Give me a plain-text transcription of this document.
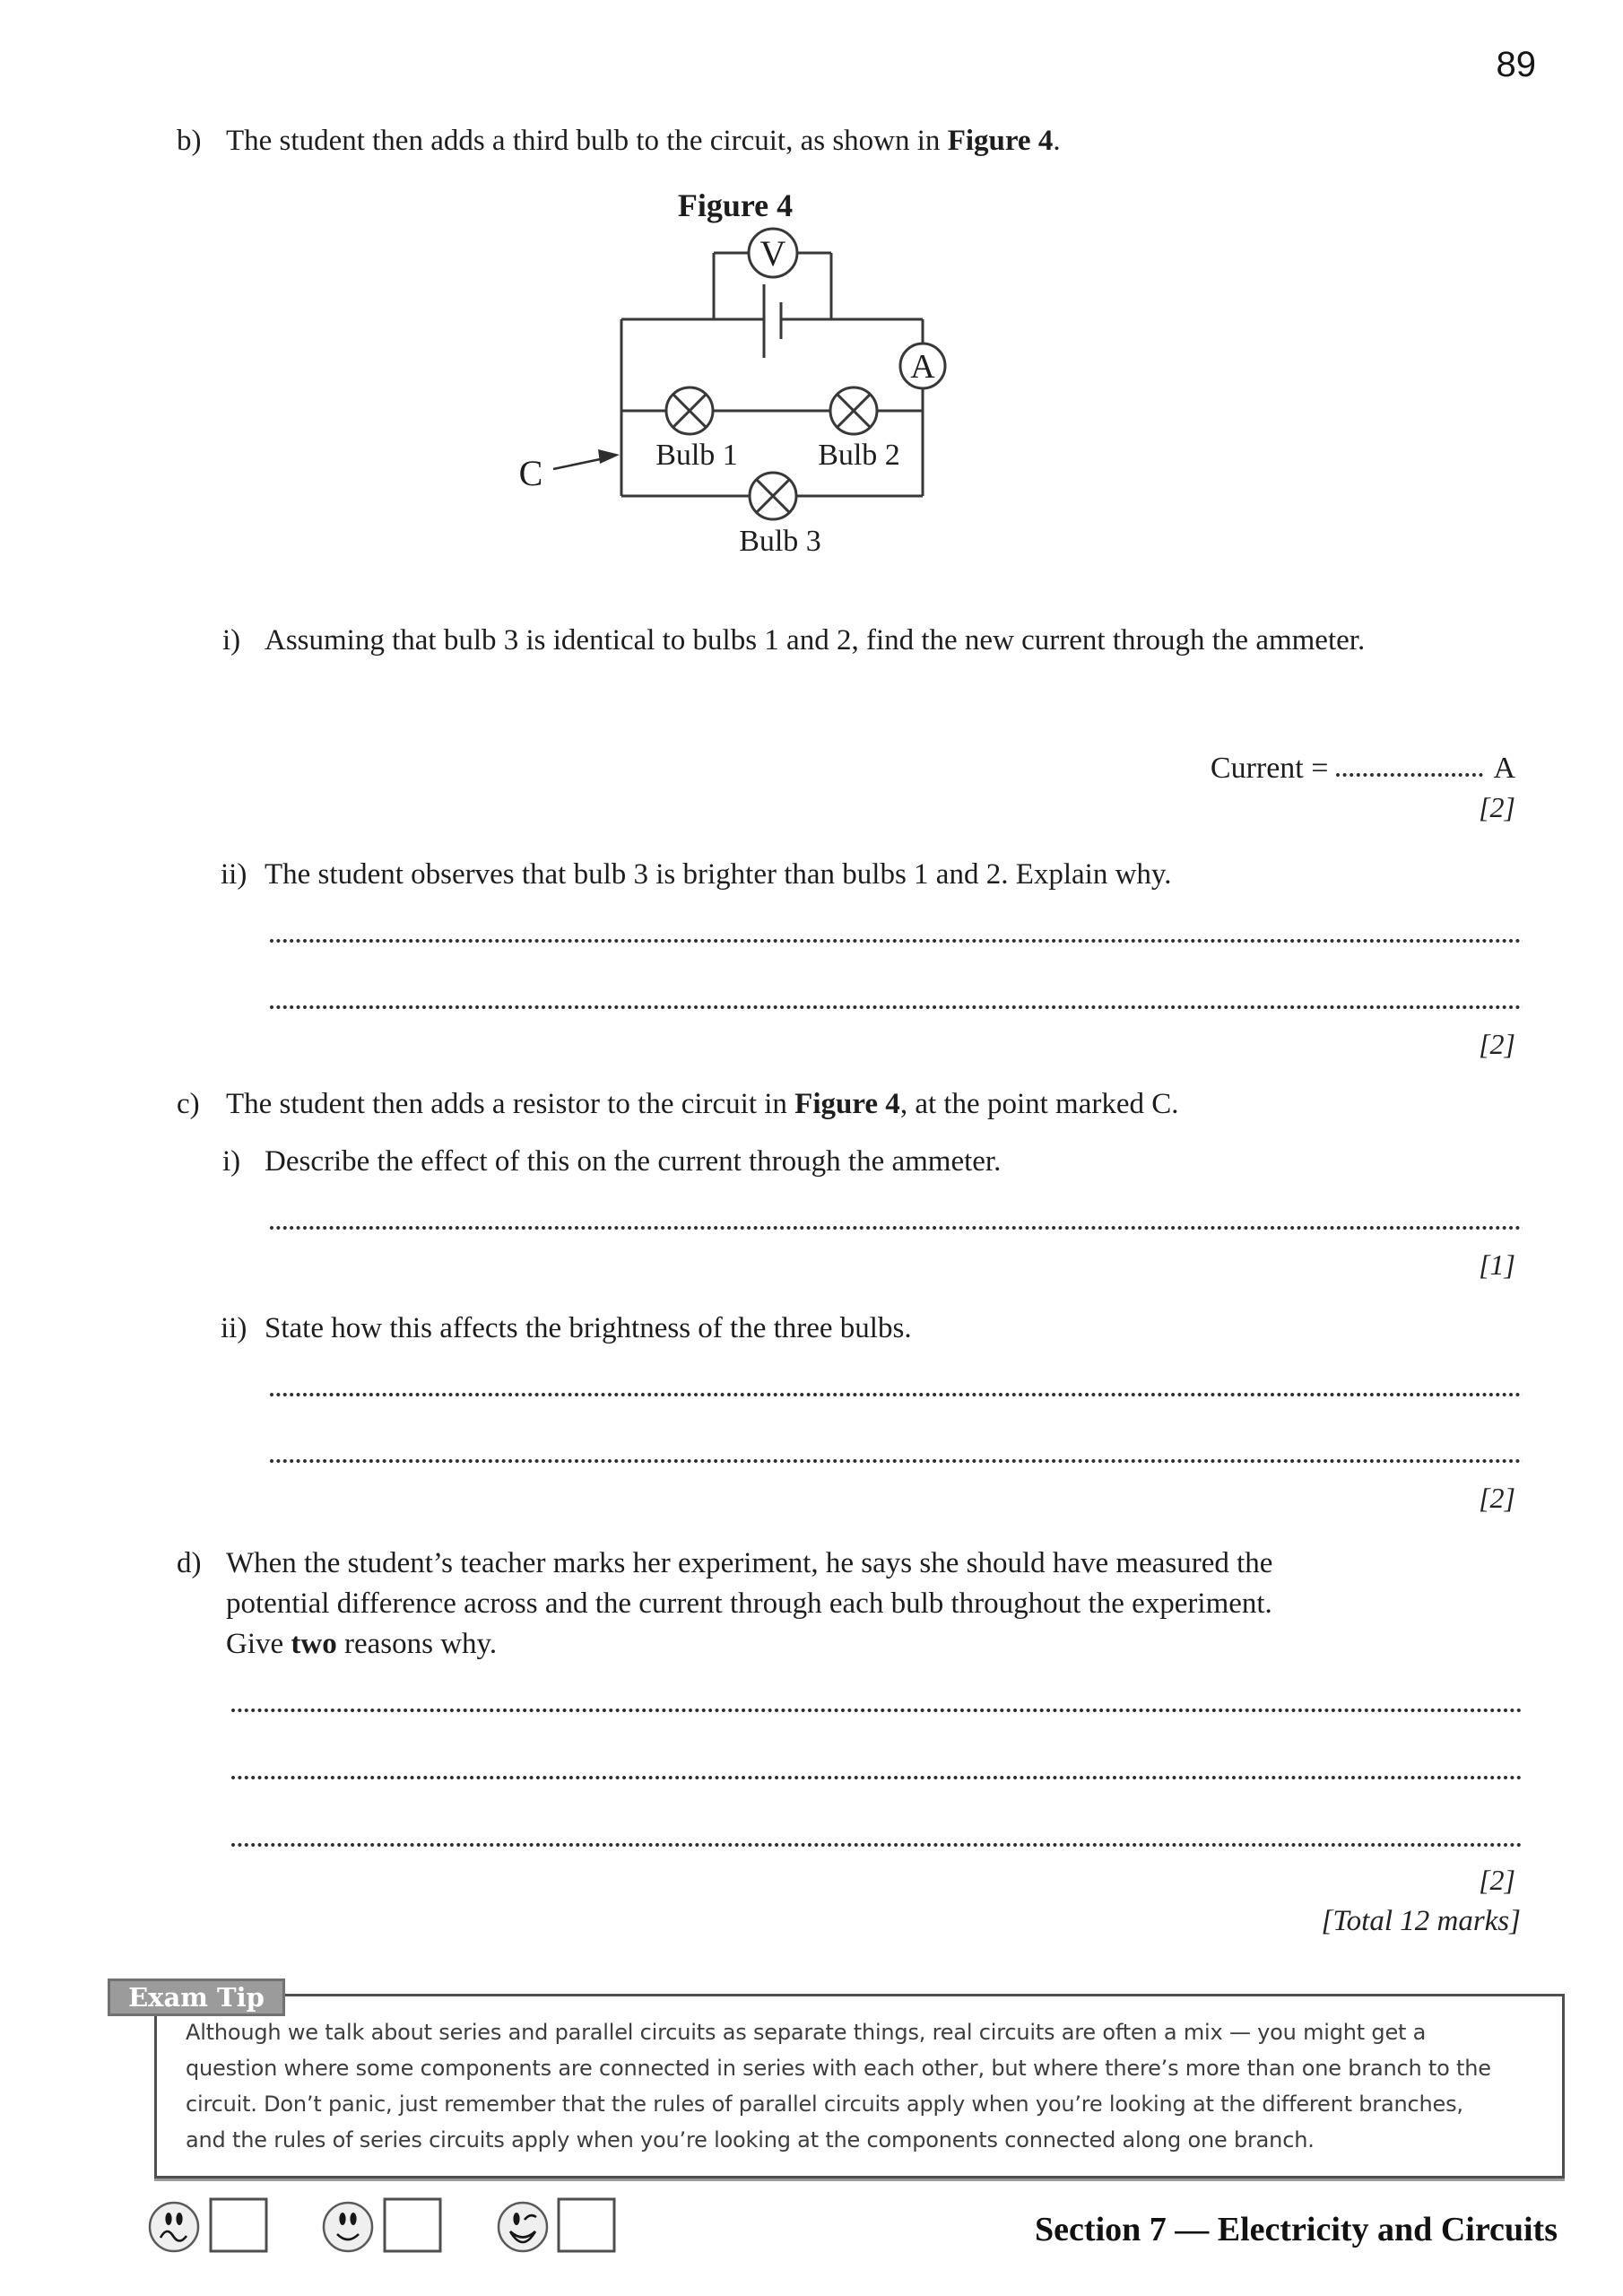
89
b) The student then adds a third bulb to the circuit, as shown in Figure 4.
Figure 4
V
A
Bulb 1	Bulb 2
Bulb 3
C
i) Assuming that bulb 3 is identical to bulbs 1 and 2, find the new current through the ammeter.
Current =	A
[2]
ii) The student observes that bulb 3 is brighter than bulbs 1 and 2. Explain why.
[2]
c) The student then adds a resistor to the circuit in Figure 4, at the point marked C.
i) Describe the effect of this on the current through the ammeter.
[1]
ii) State how this affects the brightness of the three bulbs.
[2]
d) When the student’s teacher marks her experiment, he says she should have measured the
potential difference across and the current through each bulb throughout the experiment.
Give two reasons why.
[2]
[Total 12 marks]
Although we talk about series and parallel circuits as separate things, real circuits are often a mix — you might get a
question where some components are connected in series with each other, but where there’s more than one branch to the
circuit. Don’t panic, just remember that the rules of parallel circuits apply when you’re looking at the different branches,
and the rules of series circuits apply when you’re looking at the components connected along one branch.
Exam Tip
Section 7 — Electricity and Circuits
